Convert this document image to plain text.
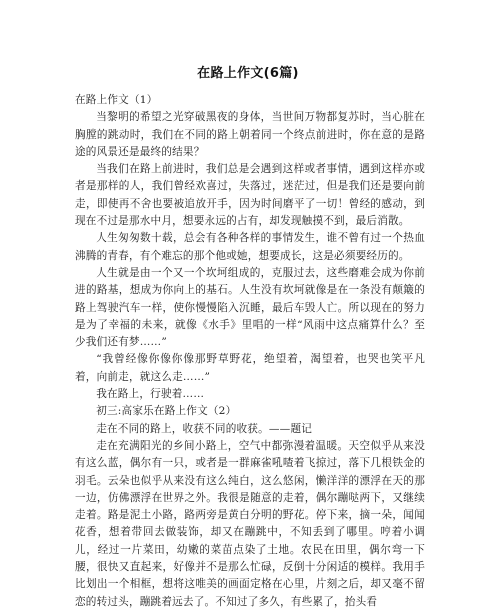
在路上作文(6篇)

在路上作文（1）

当黎明的希望之光穿破黑夜的身体，当世间万物都复苏时，当心脏在胸膛的跳动时，我们在不同的路上朝着同一个终点前进时，你在意的是路途的风景还是最终的结果？

当我们在路上前进时，我们总是会遇到这样或者事情，遇到这样亦或者是那样的人，我们曾经欢喜过，失落过，迷茫过，但是我们还是要向前走，即使再不舍也要被追放开手，因为时间磨平了一切！曾经的感动，到现在不过是那水中月，想要永远的占有，却发现触摸不到，最后消散。

人生匆匆数十载，总会有各种各样的事情发生，谁不曾有过一个热血沸腾的青春，有个难忘的那个他或她，想要成长，这是必须要经历的。

人生就是由一个又一个坎坷组成的，克服过去，这些磨难会成为你前进的路基，想成为你向上的基石。人生没有坎坷就像是在一条没有颠簸的路上驾驶汽车一样，使你慢慢陷入沉睡，最后车毁人亡。所以现在的努力是为了幸福的未来，就像《水手》里唱的一样“风雨中这点痛算什么？至少我们还有梦……”

“我曾经像你像你像那野草野花，绝望着，渴望着，也哭也笑平凡着，向前走，就这么走……”

我在路上，行驶着……

初三:高家乐在路上作文（2）

走在不同的路上，收获不同的收获。——题记

走在充满阳光的乡间小路上，空气中都弥漫着温暖。天空似乎从来没有这么蓝，偶尔有一只，或者是一群麻雀吼喳着飞掠过，落下几根铁金的羽毛。云朵也似乎从来没有这么纯白，这么悠闲，懒洋洋的漂浮在天的那一边，仿佛漂浮在世界之外。我很是随意的走着，偶尔蹦哒两下，又继续走着。路是泥土小路，路两旁是黄白分明的野花。停下来，摘一朵，闻闻花香，想着带回去做装饰，却又在蹦跳中，不知丢到了哪里。哼着小调儿，经过一片菜田，幼嫩的菜苗点染了土地。农民在田里，偶尔弯一下腰，很快又直起来，好像并不是那么忙碌，反倒十分闲适的模样。我用手比划出一个相框，想将这唯美的画面定格在心里，片刻之后，却又毫不留恋的转过头，蹦跳着远去了。不知过了多久，有些累了，抬头看
